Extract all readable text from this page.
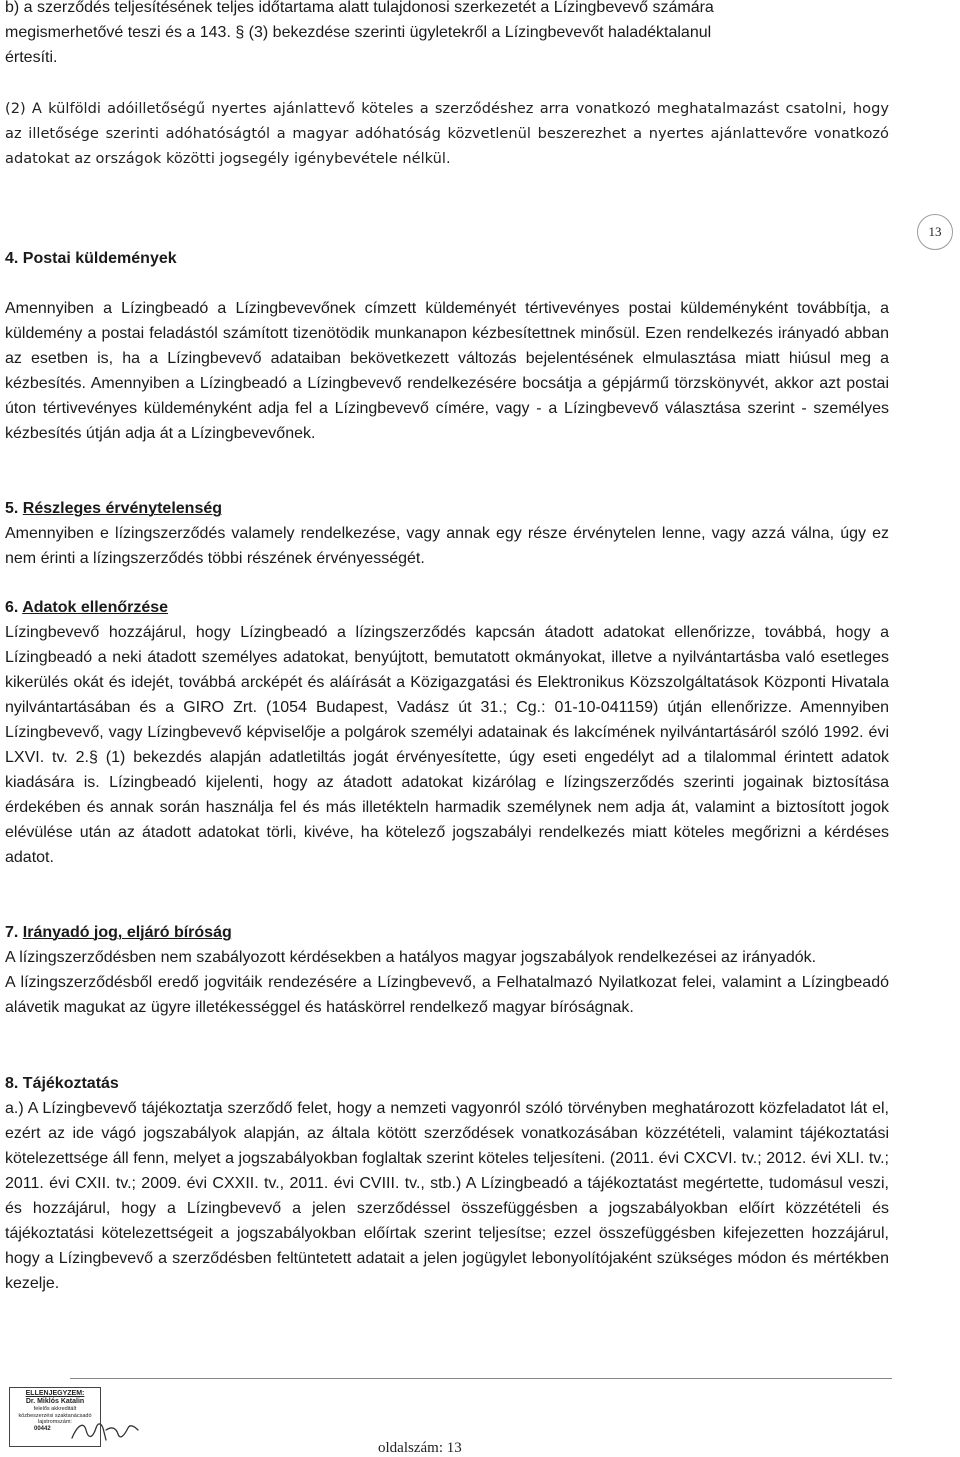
b) a szerződés teljesítésének teljes időtartama alatt tulajdonosi szerkezetét a Lízingbevevő számára

megismerhetővé teszi és a 143. § (3) bekezdése szerinti ügyletekről a Lízingbevevőt haladéktalanul

értesíti.

(2) A külföldi adóilletőségű nyertes ajánlattevő köteles a szerződéshez arra vonatkozó meghatalmazást csatolni, hogy az illetősége szerinti adóhatóságtól a magyar adóhatóság közvetlenül beszerezhet a nyertes ajánlattevőre vonatkozó adatokat az országok közötti jogsegély igénybevétele nélkül.

13

4. Postai küldemények

Amennyiben a Lízingbeadó a Lízingbevevőnek címzett küldeményét tértivevényes postai küldeményként továbbítja, a küldemény a postai feladástól számított tizenötödik munkanapon kézbesítettnek minősül. Ezen rendelkezés irányadó abban az esetben is, ha a Lízingbevevő adataiban bekövetkezett változás bejelentésének elmulasztása miatt hiúsul meg a kézbesítés. Amennyiben a Lízingbeadó a Lízingbevevő rendelkezésére bocsátja a gépjármű törzskönyvét, akkor azt postai úton tértivevényes küldeményként adja fel a Lízingbevevő címére, vagy - a Lízingbevevő választása szerint - személyes kézbesítés útján adja át a Lízingbevevőnek.

5. Részleges érvénytelenség

Amennyiben e lízingszerződés valamely rendelkezése, vagy annak egy része érvénytelen lenne, vagy azzá válna, úgy ez nem érinti a lízingszerződés többi részének érvényességét.

6. Adatok ellenőrzése

Lízingbevevő hozzájárul, hogy Lízingbeadó a lízingszerződés kapcsán átadott adatokat ellenőrizze, továbbá, hogy a Lízingbeadó a neki átadott személyes adatokat, benyújtott, bemutatott okmányokat, illetve a nyilvántartásba való esetleges kikerülés okát és idejét, továbbá arcképét és aláírását a Közigazgatási és Elektronikus Közszolgáltatások Központi Hivatala nyilvántartásában és a GIRO Zrt. (1054 Budapest, Vadász út 31.; Cg.: 01-10-041159) útján ellenőrizze. Amennyiben Lízingbevevő, vagy Lízingbevevő képviselője a polgárok személyi adatainak és lakcímének nyilvántartásáról szóló 1992. évi LXVI. tv. 2.§ (1) bekezdés alapján adatletiltás jogát érvényesítette, úgy eseti engedélyt ad a tilalommal érintett adatok kiadására is. Lízingbeadó kijelenti, hogy az átadott adatokat kizárólag e lízingszerződés szerinti jogainak biztosítása érdekében és annak során használja fel és más illetékteln harmadik személynek nem adja át, valamint a biztosított jogok elévülése után az átadott adatokat törli, kivéve, ha kötelező jogszabályi rendelkezés miatt köteles megőrizni a kérdéses adatot.

7. Irányadó jog, eljáró bíróság

A lízingszerződésben nem szabályozott kérdésekben a hatályos magyar jogszabályok rendelkezései az irányadók.

A lízingszerződésből eredő jogvitáik rendezésére a Lízingbevevő, a Felhatalmazó Nyilatkozat felei, valamint a Lízingbeadó alávetik magukat az ügyre illetékességgel és hatáskörrel rendelkező magyar bíróságnak.

8. Tájékoztatás

a.) A Lízingbevevő tájékoztatja szerződő felet, hogy a nemzeti vagyonról szóló törvényben meghatározott közfeladatot lát el, ezért az ide vágó jogszabályok alapján, az általa kötött szerződések vonatkozásában közzétételi, valamint tájékoztatási kötelezettsége áll fenn, melyet a jogszabályokban foglaltak szerint köteles teljesíteni. (2011. évi CXCVI. tv.; 2012. évi XLI. tv.; 2011. évi CXII. tv.; 2009. évi CXXII. tv., 2011. évi CVIII. tv., stb.) A Lízingbeadó a tájékoztatást megértette, tudomásul veszi, és hozzájárul, hogy a Lízingbevevő a jelen szerződéssel összefüggésben a jogszabályokban előírt közzétételi és tájékoztatási kötelezettségeit a jogszabályokban előírtak szerint teljesítse; ezzel összefüggésben kifejezetten hozzájárul, hogy a Lízingbevevő a szerződésben feltüntetett adatait a jelen jogügylet lebonyolítójaként szükséges módon és mértékben kezelje.

ELLENJEGYZEM:
Dr. Miklós Katalin
felelős akkreditált
közbeszerzési szaktanácsadó
lajstromszám:
00442
oldalszám: 13
